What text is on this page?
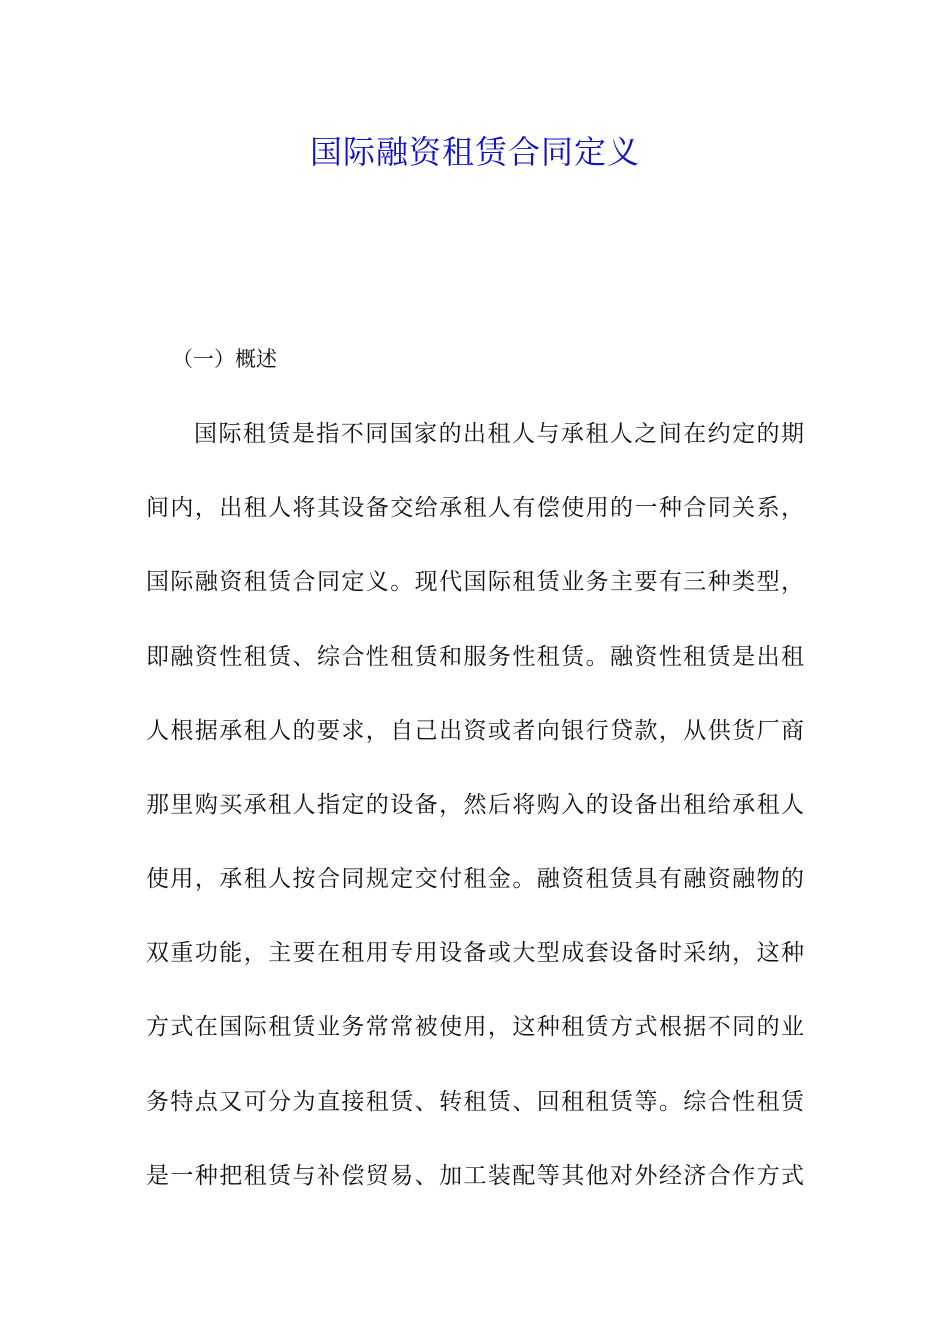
国际融资租赁合同定义

（一）概述

国际租赁是指不同国家的出租人与承租人之间在约定的期

间内，出租人将其设备交给承租人有偿使用的一种合同关系，

国际融资租赁合同定义。现代国际租赁业务主要有三种类型，

即融资性租赁、综合性租赁和服务性租赁。融资性租赁是出租

人根据承租人的要求，自己出资或者向银行贷款，从供货厂商

那里购买承租人指定的设备，然后将购入的设备出租给承租人

使用，承租人按合同规定交付租金。融资租赁具有融资融物的

双重功能，主要在租用专用设备或大型成套设备时采纳，这种

方式在国际租赁业务常常被使用，这种租赁方式根据不同的业

务特点又可分为直接租赁、转租赁、回租租赁等。综合性租赁

是一种把租赁与补偿贸易、加工装配等其他对外经济合作方式
